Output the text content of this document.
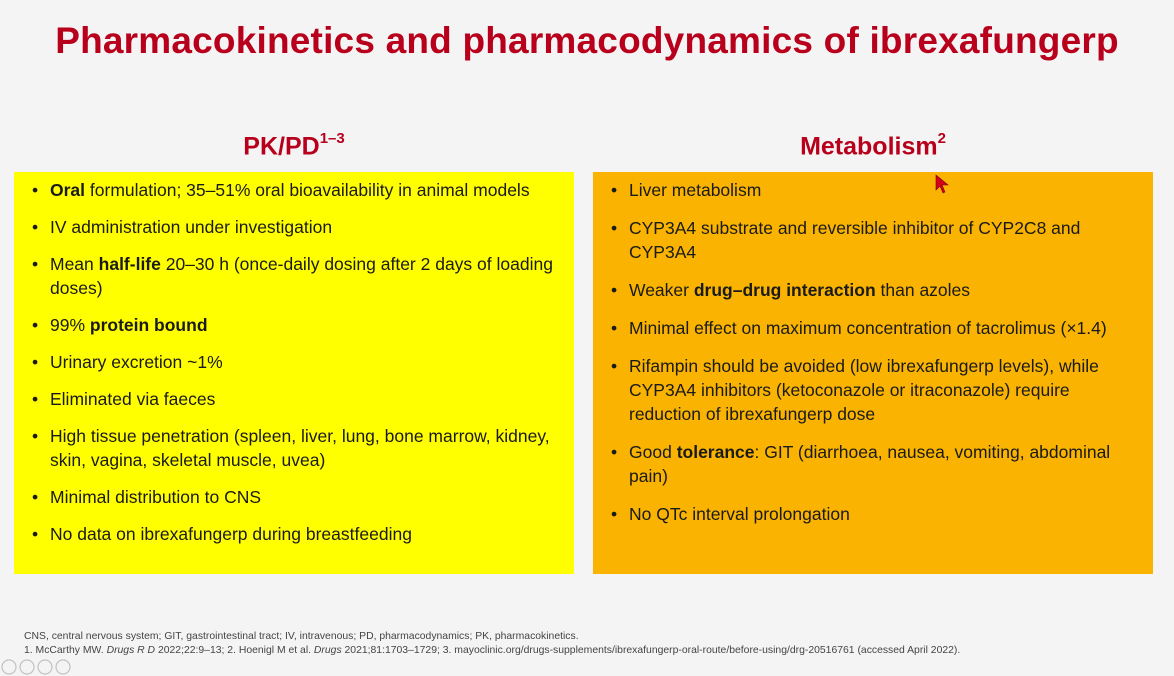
Pharmacokinetics and pharmacodynamics of ibrexafungerp
PK/PD$^{1-3}$	Metabolism$^2$
• Oral formulation; 35–51% oral bioavailability in animal models
• IV administration under investigation
• Mean half-life 20–30 h (once-daily dosing after 2 days of loading doses)
• 99% protein bound
• Urinary excretion ~1%
• Eliminated via faeces
• High tissue penetration (spleen, liver, lung, bone marrow, kidney, skin, vagina, skeletal muscle, uvea)
• Minimal distribution to CNS
• No data on ibrexafungerp during breastfeeding
• Liver metabolism
• CYP3A4 substrate and reversible inhibitor of CYP2C8 and CYP3A4
• Weaker drug–drug interaction than azoles
• Minimal effect on maximum concentration of tacrolimus (×1.4)
• Rifampin should be avoided (low ibrexafungerp levels), while CYP3A4 inhibitors (ketoconazole or itraconazole) require reduction of ibrexafungerp dose
• Good tolerance: GIT (diarrhoea, nausea, vomiting, abdominal pain)
• No QTc interval prolongation
CNS, central nervous system; GIT, gastrointestinal tract; IV, intravenous; PD, pharmacodynamics; PK, pharmacokinetics.
1. McCarthy MW. Drugs R D 2022;22:9–13; 2. Hoenigl M et al. Drugs 2021;81:1703–1729; 3. mayoclinic.org/drugs-supplements/ibrexafungerp-oral-route/before-using/drg-20516761 (accessed April 2022).
